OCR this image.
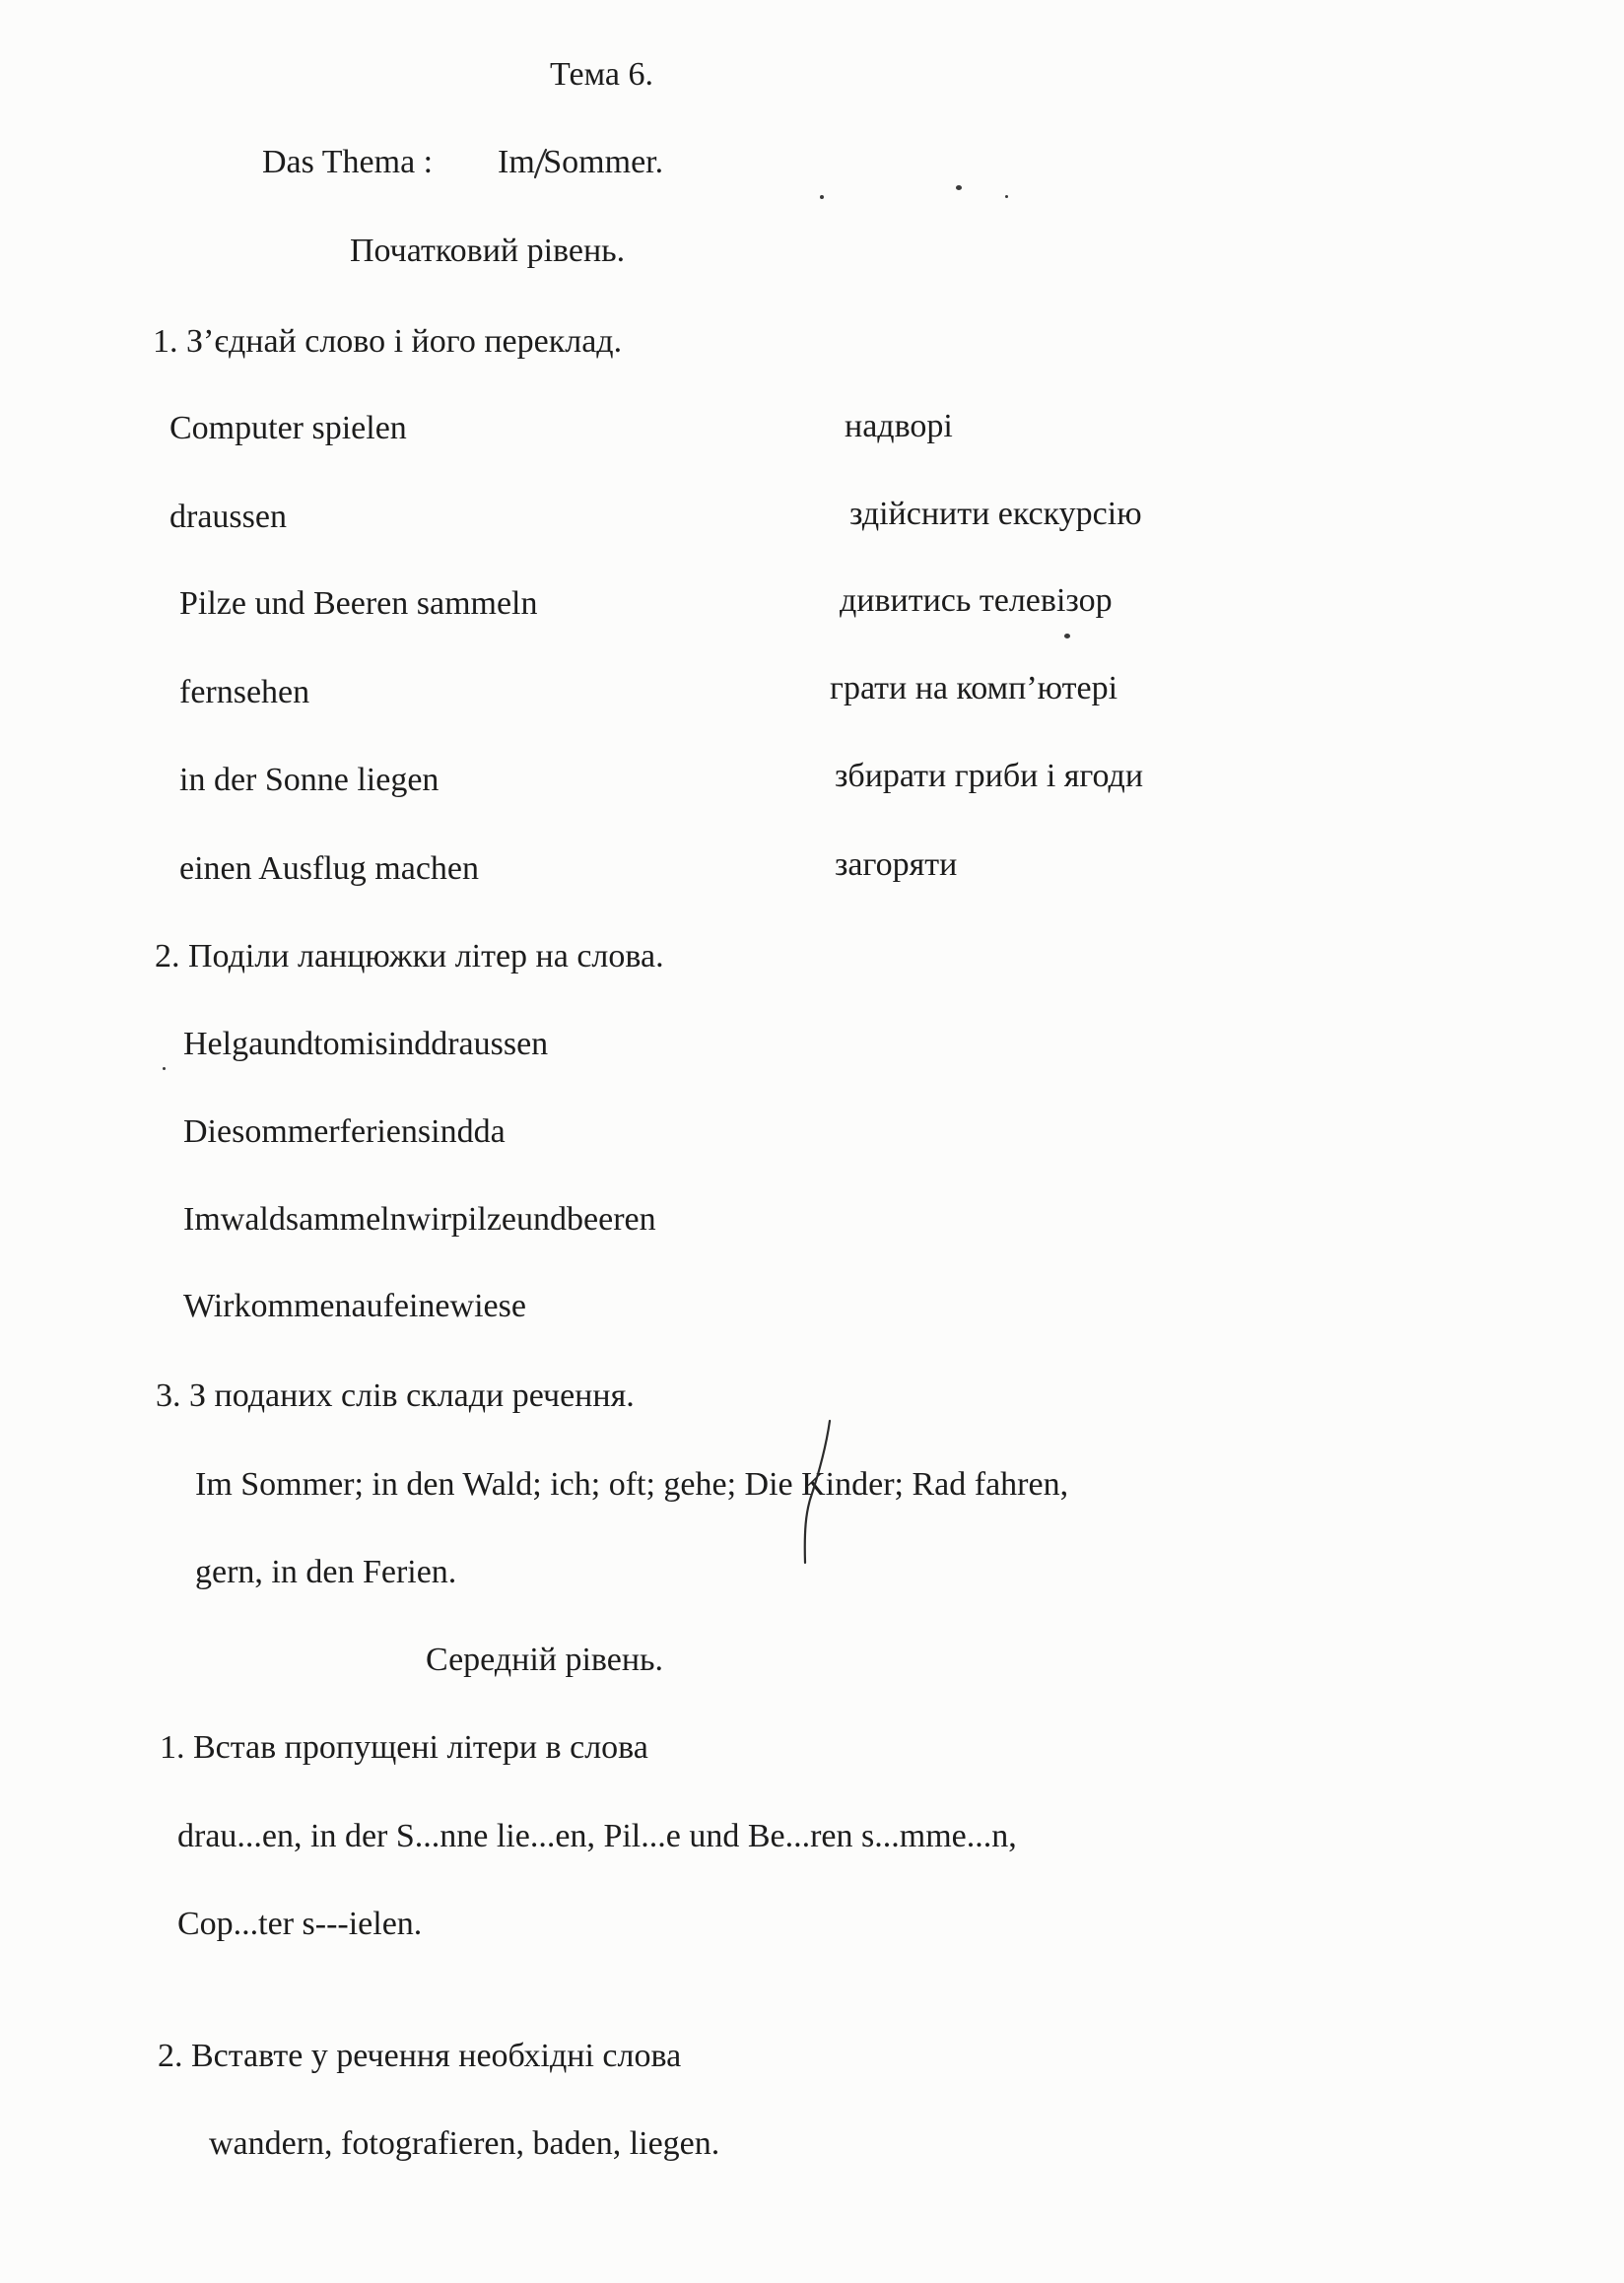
Тема 6.
Das Thema : Im Sommer.
Початковий рівень.
1. З’єднай слово і його переклад.
Computer spielen
draussen
Pilze und Beeren sammeln
fernsehen
in der Sonne liegen
einen Ausflug machen
надворі
здійснити екскурсію
дивитись телевізор
грати на комп’ютері
збирати гриби і ягоди
загоряти
2. Поділи ланцюжки літер на слова.
Helgaundtomisinddraussen
Diesommerferiensindda
Imwaldsammelnwirpilzeundbeeren
Wirkommenaufeinewiese
3. З поданих слів склади речення.
Im Sommer; in den Wald; ich; oft; gehe; Die Kinder; Rad fahren,
gern, in den Ferien.
Середній рівень.
1. Встав пропущені літери в слова
drau...en, in der S...nne lie...en, Pil...e und Be...ren s...mme...n,
Cop...ter s---ielen.
2. Вставте у речення необхідні слова
wandern, fotografieren, baden, liegen.
